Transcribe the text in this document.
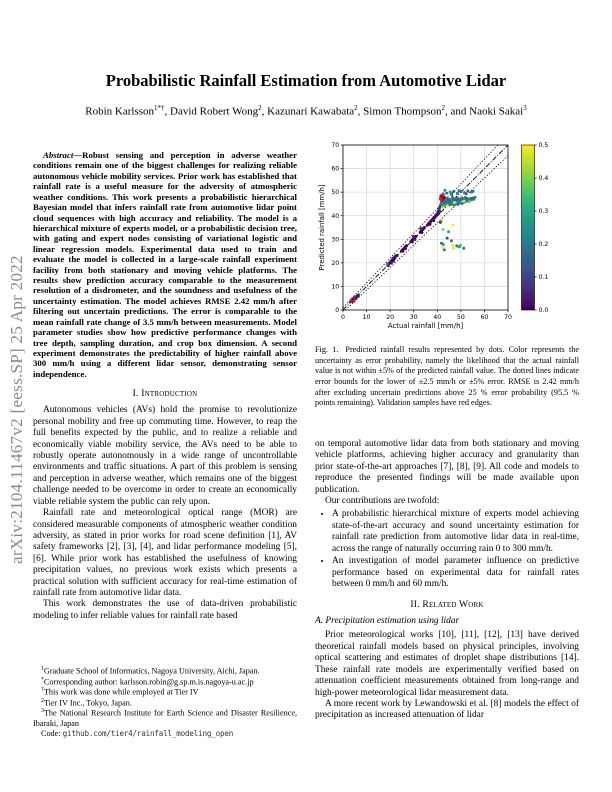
arXiv:2104.11467v2 [eess.SP] 25 Apr 2022
Probabilistic Rainfall Estimation from Automotive Lidar
Robin Karlsson$^{1*\dagger}$, David Robert Wong$^2$, Kazunari Kawabata$^2$, Simon Thompson$^2$, and Naoki Sakai$^3$

Abstract—Robust sensing and perception in adverse weather conditions remain one of the biggest challenges for realizing reliable autonomous vehicle mobility services. Prior work has established that rainfall rate is a useful measure for the adversity of atmospheric weather conditions. This work presents a probabilistic hierarchical Bayesian model that infers rainfall rate from automotive lidar point cloud sequences with high accuracy and reliability. The model is a hierarchical mixture of experts model, or a probabilistic decision tree, with gating and expert nodes consisting of variational logistic and linear regression models. Experimental data used to train and evaluate the model is collected in a large-scale rainfall experiment facility from both stationary and moving vehicle platforms. The results show prediction accuracy comparable to the measurement resolution of a disdrometer, and the soundness and usefulness of the uncertainty estimation. The model achieves RMSE 2.42 mm/h after filtering out uncertain predictions. The error is comparable to the mean rainfall rate change of 3.5 mm/h between measurements. Model parameter studies show how predictive performance changes with tree depth, sampling duration, and crop box dimension. A second experiment demonstrates the predictability of higher rainfall above 300 mm/h using a different lidar sensor, demonstrating sensor independence.

I. Introduction

Autonomous vehicles (AVs) hold the promise to revolutionize personal mobility and free up commuting time. However, to reap the full benefits expected by the public, and to realize a reliable and economically viable mobility service, the AVs need to be able to robustly operate autonomously in a wide range of uncontrollable environments and traffic situations. A part of this problem is sensing and perception in adverse weather, which remains one of the biggest challenge needed to be overcome in order to create an economically viable reliable system the public can rely upon.

Rainfall rate and meteorological optical range (MOR) are considered measurable components of atmospheric weather condition adversity, as stated in prior works for road scene definition [1], AV safety frameworks [2], [3], [4], and lidar performance modeling [5], [6]. While prior work has established the usefulness of knowing precipitation values, no previous work exists which presents a practical solution with sufficient accuracy for real-time estimation of rainfall rate from automotive lidar data.

This work demonstrates the use of data-driven probabilistic modeling to infer reliable values for rainfall rate based

$^1$Graduate School of Informatics, Nagoya University, Aichi, Japan.
*Corresponding author: karlsson.robin@g.sp.m.is.nagoya-u.ac.jp
†This work was done while employed at Tier IV
$^2$Tier IV Inc., Tokyo, Japan.
$^3$The National Research Institute for Earth Science and Disaster Resilience, Ibaraki, Japan
Code: github.com/tier4/rainfall_modeling_open
0	10	20	30	40	50	60	70
0
10
20
30
40
50
60
70
Actual rainfall [mm/h]
Predicted rainfall [mm/h]
0.0
0.1
0.2
0.3
0.4
0.5
Fig. 1. Predicted rainfall results represented by dots. Color represents the uncertainty as error probability, namely the likelihood that the actual rainfall value is not within ±5% of the predicted rainfall value. The dotted lines indicate error bounds for the lower of ±2.5 mm/h or ±5% error. RMSE is 2.42 mm/h after excluding uncertain predictions above 25 % error probability (95.5 % points remaining). Validation samples have red edges.

on temporal automotive lidar data from both stationary and moving vehicle platforms, achieving higher accuracy and granularity than prior state-of-the-art approaches [7], [8], [9]. All code and models to reproduce the presented findings will be made available upon publication.

Our contributions are twofold:

• A probabilistic hierarchical mixture of experts model achieving state-of-the-art accuracy and sound uncertainty estimation for rainfall rate prediction from automotive lidar data in real-time, across the range of naturally occurring rain 0 to 300 mm/h.
• An investigation of model parameter influence on predictive performance based on experimental data for rainfall rates between 0 mm/h and 60 mm/h.
II. Related Work
A. Precipitation estimation using lidar

Prior meteorological works [10], [11], [12], [13] have derived theoretical rainfall models based on physical principles, involving optical scattering and estimates of droplet shape distributions [14]. These rainfall rate models are experimentally verified based on attenuation coefficient measurements obtained from long-range and high-power meteorological lidar measurement data.

A more recent work by Lewandowski et al. [8] models the effect of precipitation as increased attenuation of lidar
